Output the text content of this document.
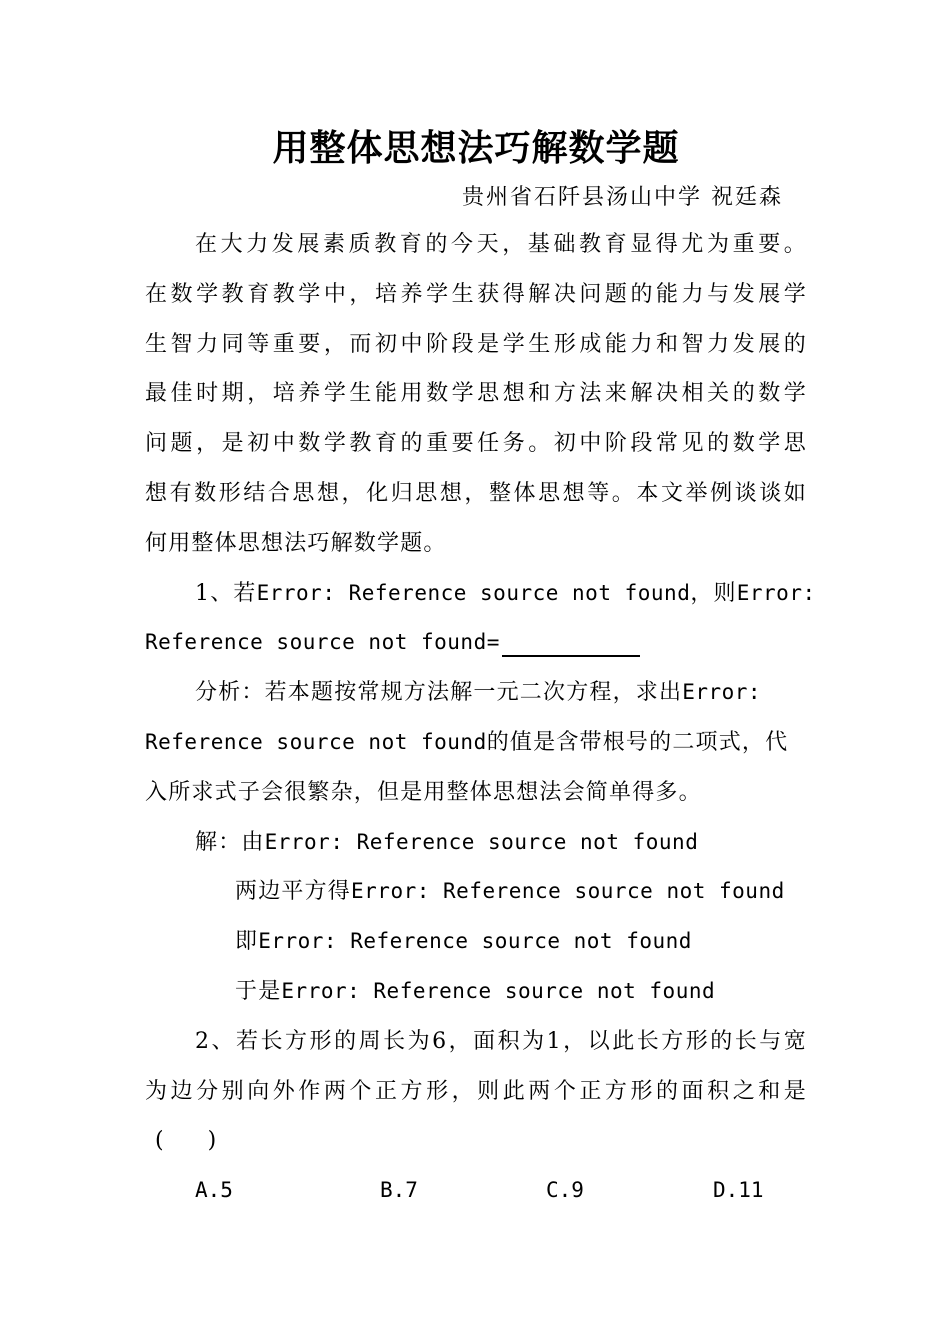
用整体思想法巧解数学题
贵州省石阡县汤山中学 祝廷森
在大力发展素质教育的今天，基础教育显得尤为重要。
在数学教育教学中，培养学生获得解决问题的能力与发展学
生智力同等重要，而初中阶段是学生形成能力和智力发展的
最佳时期，培养学生能用数学思想和方法来解决相关的数学
问题，是初中数学教育的重要任务。初中阶段常见的数学思
想有数形结合思想，化归思想，整体思想等。本文举例谈谈如
何用整体思想法巧解数学题。
1、若Error: Reference source not found，则Error:
Reference source not found=
分析：若本题按常规方法解一元二次方程，求出Error:
Reference source not found的值是含带根号的二项式，代
入所求式子会很繁杂，但是用整体思想法会简单得多。
解：由Error: Reference source not found
两边平方得Error: Reference source not found
即Error: Reference source not found
于是Error: Reference source not found
2、若长方形的周长为6，面积为1，以此长方形的长与宽
为边分别向外作两个正方形，则此两个正方形的面积之和是
(　　)
A.5	B.7	C.9	D.11
